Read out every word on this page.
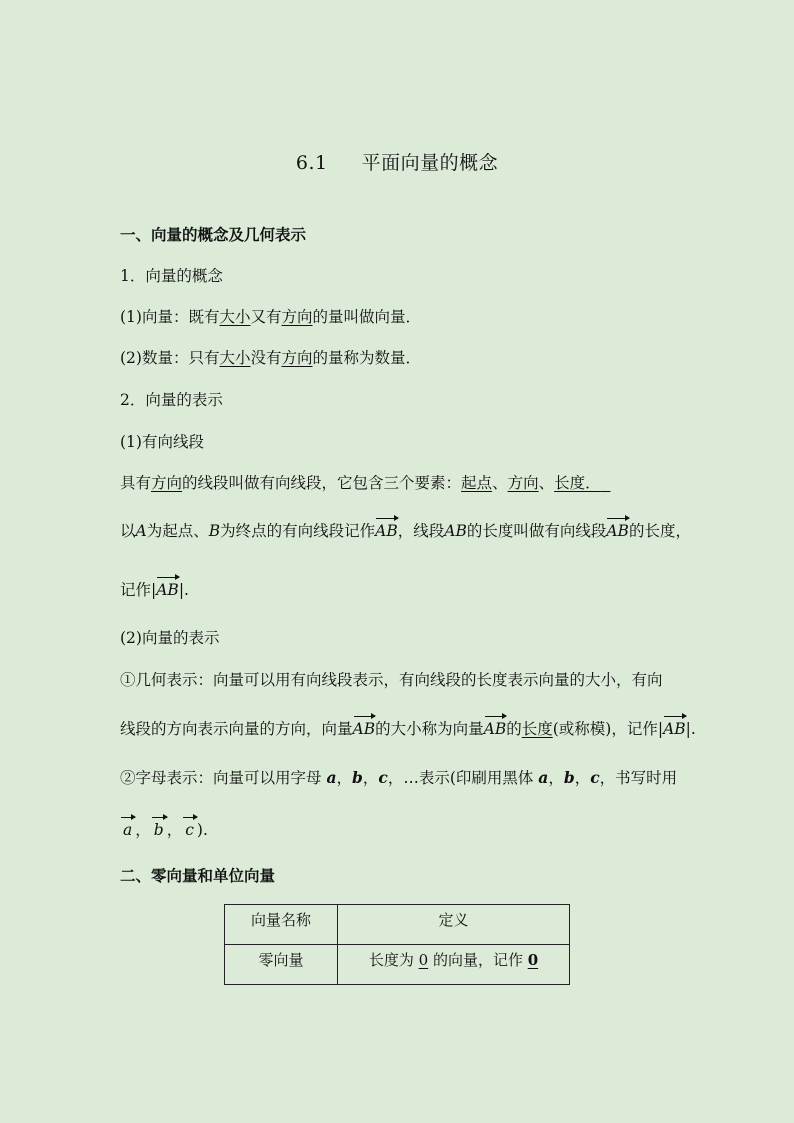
6.1 平面向量的概念
一、向量的概念及几何表示
1．向量的概念
(1)向量：既有大小又有方向的量叫做向量．
(2)数量：只有大小没有方向的量称为数量．
2．向量的表示
(1)有向线段
具有方向的线段叫做有向线段，它包含三个要素：起点、方向、长度．
以A为起点、B为终点的有向线段记作AB，线段AB的长度叫做有向线段AB的长度，
记作|AB|.
(2)向量的表示
①几何表示：向量可以用有向线段表示，有向线段的长度表示向量的大小，有向
线段的方向表示向量的方向，向量AB的大小称为向量AB的长度(或称模)，记作|AB|.
②字母表示：向量可以用字母 a，b，c，…表示(印刷用黑体 a，b，c，书写时用
a ， b ， c ).
二、零向量和单位向量
向量名称	定义
零向量	长度为 0 的向量，记作 0
